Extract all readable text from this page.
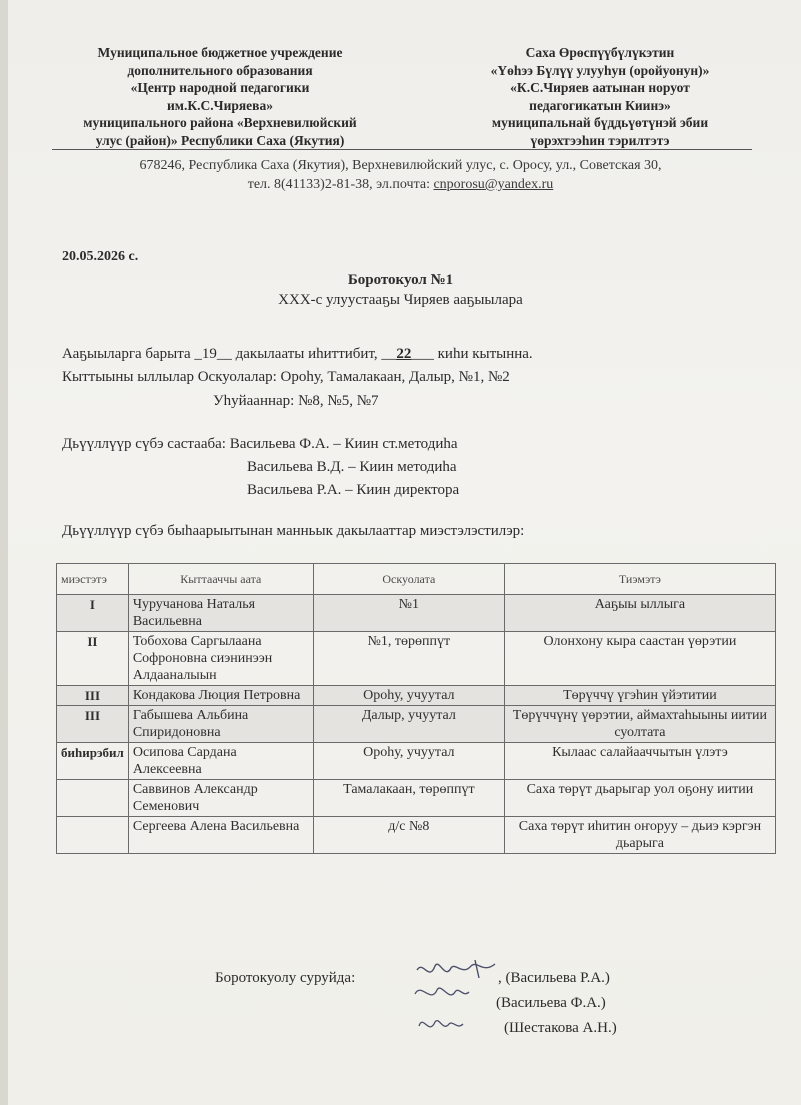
Муниципальное бюджетное учреждение
дополнительного образования
«Центр народной педагогики
им.К.С.Чиряева»
муниципального района «Верхневилюйский
улус (район)» Республики Саха (Якутия)
Саха Өрөспүүбүлүкэтин
«Үөһээ Бүлүү улууһун (оройуонун)»
«К.С.Чиряев аатынан норуот
педагогикатын Киинэ»
муниципальнай бүддьүөтүнэй эбии
үөрэхтээһин тэрилтэтэ
678246, Республика Саха (Якутия), Верхневилюйский улус, с. Оросу, ул., Советская 30,
тел. 8(41133)2-81-38, эл.почта: cnporosu@yandex.ru
20.05.2026 с.
Боротокуол №1
ХХХ-с улуустааҕы Чиряев ааҕыылара
Ааҕыыларга барыта _19__ дакылааты иһиттибит, __22___ киһи кытынна.
Кыттыыны ыллылар Оскуолалар: Ороһу, Тамалакаан, Далыр, №1, №2
Уһуйааннар: №8, №5, №7
Дьүүллүүр сүбэ састааба: Васильева Ф.А. – Киин ст.методиһа
Васильева В.Д. – Киин методиһа
Васильева Р.А. – Киин директора
Дьүүллүүр сүбэ быһаарыытынан манньык дакылааттар миэстэлэстилэр:
миэстэтэ	Кыттааччы аата	Оскуолата	Тиэмэтэ
I	Чуручанова Наталья Васильевна	№1	Ааҕыы ыллыга
II	Тобохова Саргылаана Софроновна сиэнинээн Алдааналыын	№1, төрөппүт	Олонхону кыра саастан үөрэтии
III	Кондакова Люция Петровна	Ороһу, учуутал	Төрүччү үгэһин үйэтитии
III	Габышева Альбина Спиридоновна	Далыр, учуутал	Төрүччүнү үөрэтии, аймахтаһыыны иитии суолтата
биһирэбил	Осипова Сардана Алексеевна	Ороһу, учуутал	Кылаас салайааччытын үлэтэ
	Саввинов Александр Семенович	Тамалакаан, төрөппүт	Саха төрүт дьарыгар уол оҕону иитии
	Сергеева Алена Васильевна	д/с №8	Саха төрүт иһитин оҥоруу – дьиэ кэргэн дьарыга
Боротокуолу суруйда:	, (Васильева Р.А.)
(Васильева Ф.А.)
(Шестакова А.Н.)
